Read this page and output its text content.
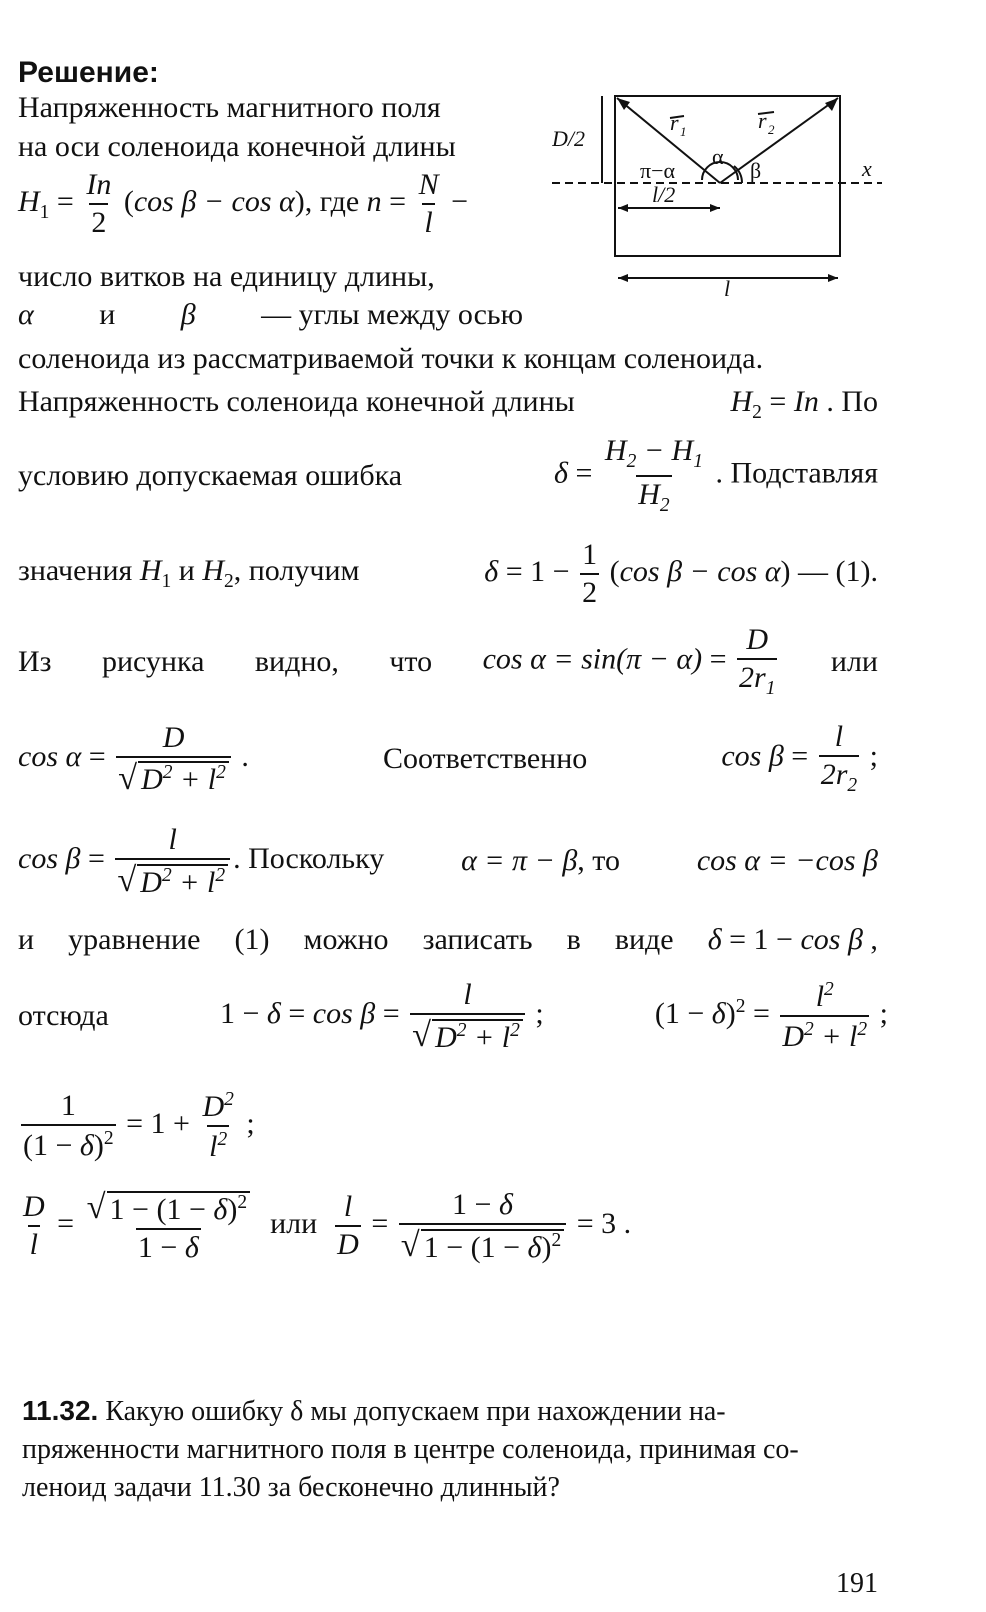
Решение:
Напряженность магнитного поля
на оси соленоида конечной длины
$H_1 = \frac{In}{2} (\cos$ β − cos α), где $n = \frac{N}{l}$ −
число витков на единицу длины,
α и β — углы между осью
соленоида из рассматриваемой точки к концам соленоида.
Напряженность соленоида конечной длины	$H_2 = In$ . По
условию допускаемая ошибка	$\delta = \frac{H_2 - H_1}{H_2}$ . Подставляя
значения $H_1$ и $H_2$, получим	$\delta = 1 - \frac{1}{2} (\cos$ β − cos α) — (1).
Из рисунка видно, что $\cos \alpha = \sin(\pi - \alpha) = \frac{D}{2r_1}$ или
$\cos \alpha = \frac{D}{√ D^2 + l^2}$ .	Соответственно	$\cos \beta = \frac{l}{2r_2}$ ;
$\cos \beta = \frac{l}{√ D^2 + l^2}$ . Поскольку	α = π − β, то	cos α = −cos β
и уравнение (1) можно записать в виде δ = 1 − cos β ,
отсюда	$1 - \delta = \cos \beta = \frac{l}{√ D^2 + l^2}$ ;	$(1 - \delta)^2 = \frac{l^2}{D^2 + l^2}$ ;
$\frac{1}{(1 - \delta)^2} = 1 + \frac{D^2}{l^2}$ ;
$\frac{D}{l} = \frac{√ 1 - (1 - \delta)^2}{1 - \delta}$ или $\frac{l}{D} = \frac{1 - \delta}{√ 1 - (1 - \delta)^2} = 3$ .
11.32. Какую ошибку δ мы допускаем при нахождении на-
пряженности магнитного поля в центре соленоида, принимая со-
леноид задачи 11.30 за бесконечно длинный?
191
D/2
r 1	r 2
π−α
α
β	x
l/2
l
